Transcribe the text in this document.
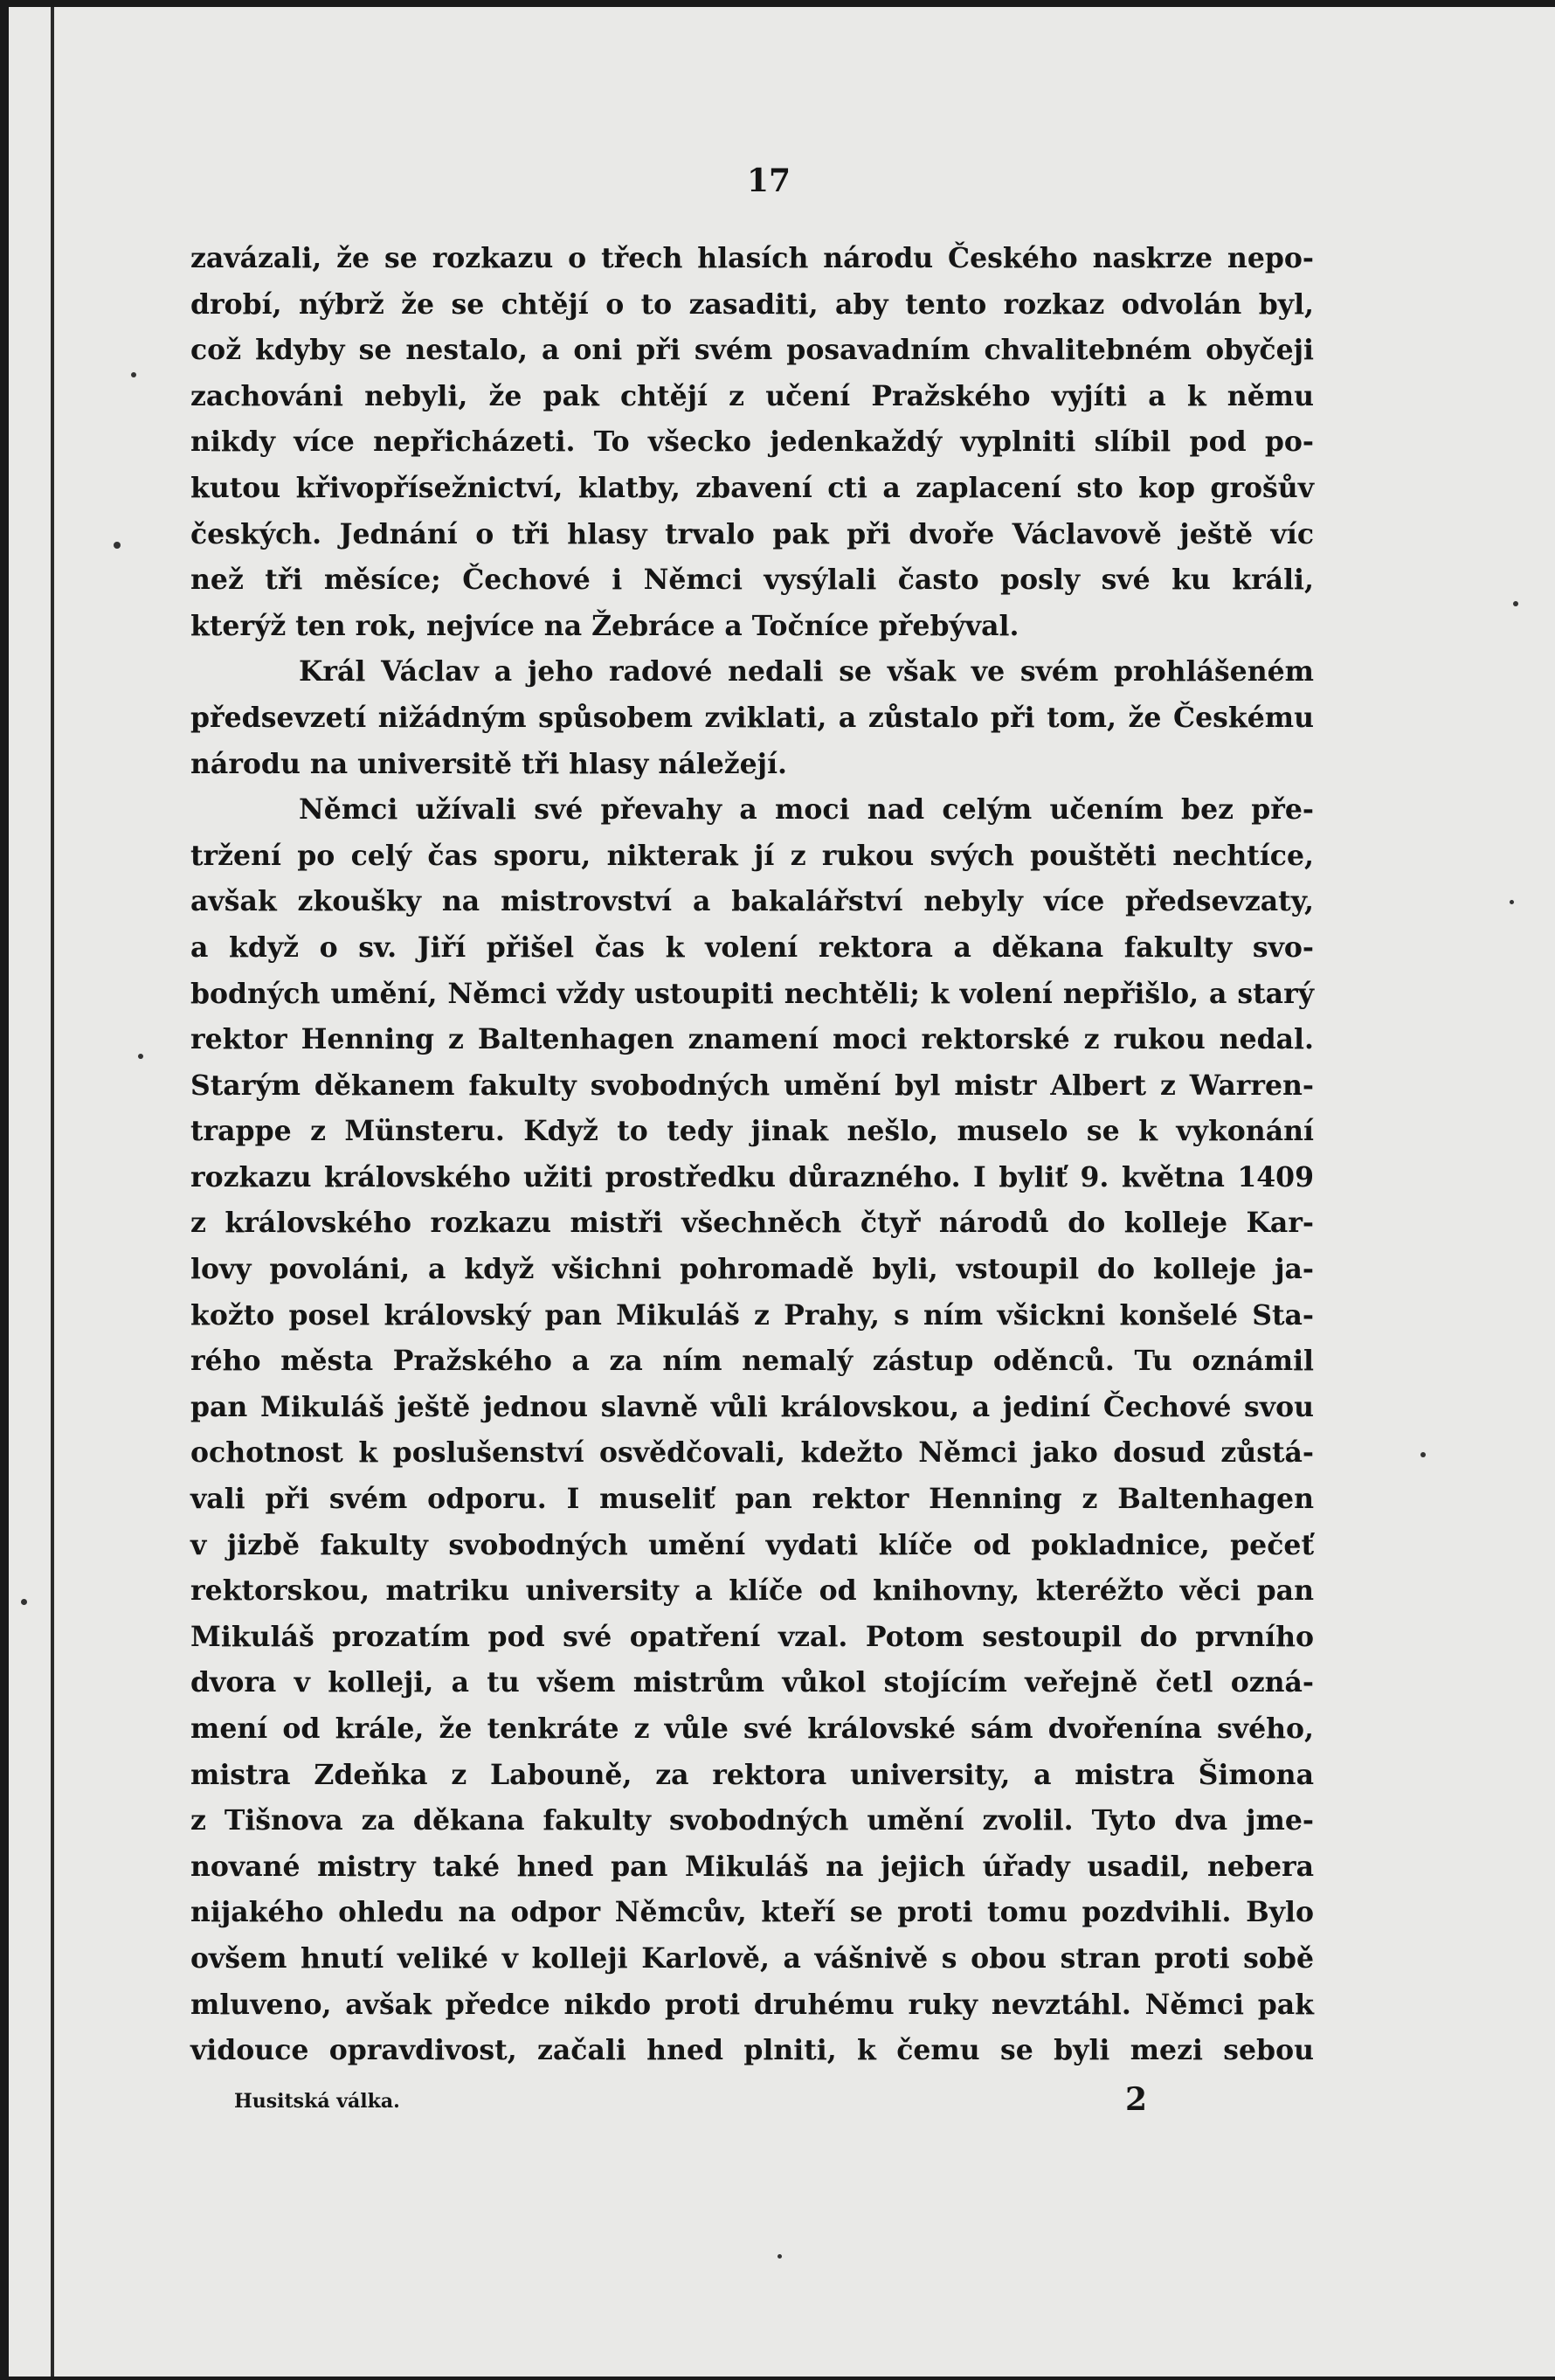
17
zavázali, že se rozkazu o třech hlasích národu Českého naskrze nepo-
drobí, nýbrž že se chtějí o to zasaditi, aby tento rozkaz odvolán byl,
což kdyby se nestalo, a oni při svém posavadním chvalitebném obyčeji
zachováni nebyli, že pak chtějí z učení Pražského vyjíti a k němu
nikdy více nepřicházeti. To všecko jedenkaždý vyplniti slíbil pod po-
kutou křivopřísežnictví, klatby, zbavení cti a zaplacení sto kop grošův
českých. Jednání o tři hlasy trvalo pak při dvoře Václavově ještě víc
než tři měsíce; Čechové i Němci vysýlali často posly své ku králi,
kterýž ten rok, nejvíce na Žebráce a Točníce přebýval.
Král Václav a jeho radové nedali se však ve svém prohlášeném
předsevzetí nižádným spůsobem zviklati, a zůstalo při tom, že Českému
národu na universitě tři hlasy náležejí.
Němci užívali své převahy a moci nad celým učením bez pře-
tržení po celý čas sporu, nikterak jí z rukou svých pouštěti nechtíce,
avšak zkoušky na mistrovství a bakalářství nebyly více předsevzaty,
a když o sv. Jiří přišel čas k volení rektora a děkana fakulty svo-
bodných umění, Němci vždy ustoupiti nechtěli; k volení nepřišlo, a starý
rektor Henning z Baltenhagen znamení moci rektorské z rukou nedal.
Starým děkanem fakulty svobodných umění byl mistr Albert z Warren-
trappe z Münsteru. Když to tedy jinak nešlo, muselo se k vykonání
rozkazu královského užiti prostředku důrazného. I byliť 9. května 1409
z královského rozkazu mistři všechněch čtyř národů do kolleje Kar-
lovy povoláni, a když všichni pohromadě byli, vstoupil do kolleje ja-
kožto posel královský pan Mikuláš z Prahy, s ním všickni konšelé Sta-
rého města Pražského a za ním nemalý zástup oděnců. Tu oznámil
pan Mikuláš ještě jednou slavně vůli královskou, a jediní Čechové svou
ochotnost k poslušenství osvědčovali, kdežto Němci jako dosud zůstá-
vali při svém odporu. I museliť pan rektor Henning z Baltenhagen
v jizbě fakulty svobodných umění vydati klíče od pokladnice, pečeť
rektorskou, matriku university a klíče od knihovny, kteréžto věci pan
Mikuláš prozatím pod své opatření vzal. Potom sestoupil do prvního
dvora v kolleji, a tu všem mistrům vůkol stojícím veřejně četl ozná-
mení od krále, že tenkráte z vůle své královské sám dvořenína svého,
mistra Zdeňka z Labouně, za rektora university, a mistra Šimona
z Tišnova za děkana fakulty svobodných umění zvolil. Tyto dva jme-
nované mistry také hned pan Mikuláš na jejich úřady usadil, nebera
nijakého ohledu na odpor Němcův, kteří se proti tomu pozdvihli. Bylo
ovšem hnutí veliké v kolleji Karlově, a vášnivě s obou stran proti sobě
mluveno, avšak předce nikdo proti druhému ruky nevztáhl. Němci pak
vidouce opravdivost, začali hned plniti, k čemu se byli mezi sebou
Husitská válka.	2
